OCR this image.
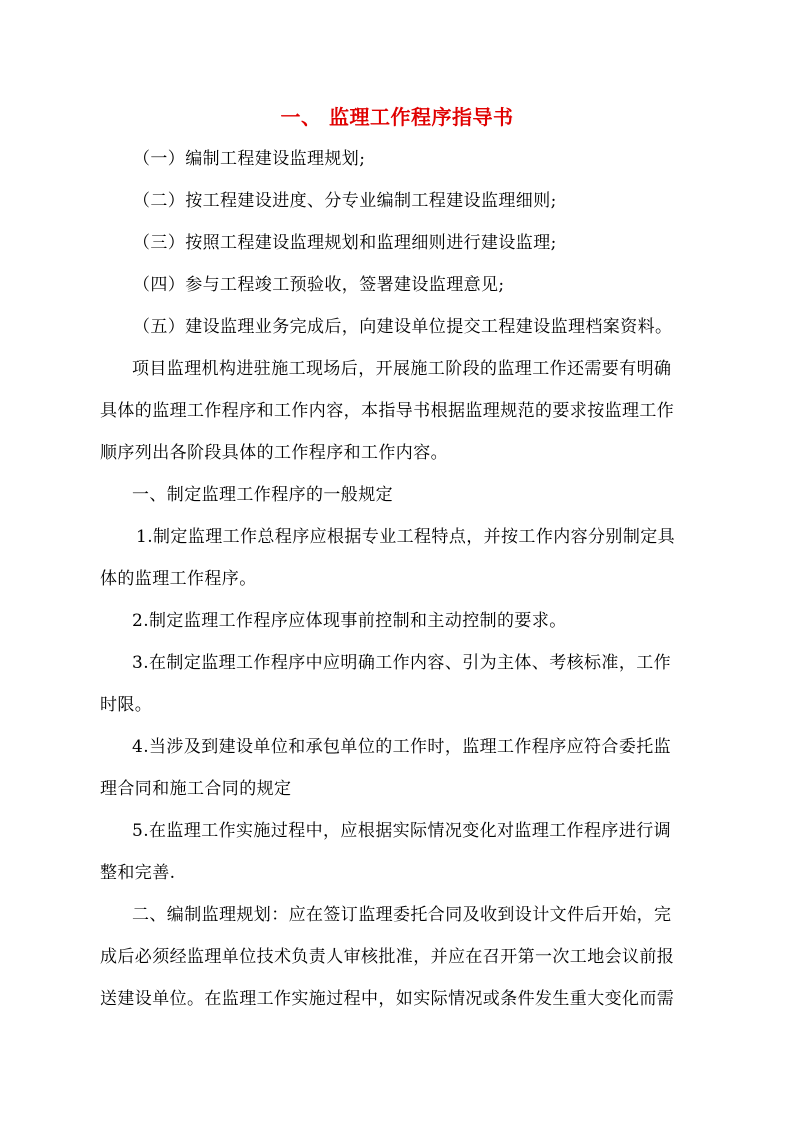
一、 监理工作程序指导书
（一）编制工程建设监理规划;
（二）按工程建设进度、分专业编制工程建设监理细则;
（三）按照工程建设监理规划和监理细则进行建设监理;
（四）参与工程竣工预验收，签署建设监理意见;
（五）建设监理业务完成后，向建设单位提交工程建设监理档案资料。
项目监理机构进驻施工现场后，开展施工阶段的监理工作还需要有明确
具体的监理工作程序和工作内容，本指导书根据监理规范的要求按监理工作
顺序列出各阶段具体的工作程序和工作内容。
一、制定监理工作程序的一般规定
1.制定监理工作总程序应根据专业工程特点，并按工作内容分别制定具
体的监理工作程序。
2.制定监理工作程序应体现事前控制和主动控制的要求。
3.在制定监理工作程序中应明确工作内容、引为主体、考核标准，工作
时限。
4.当涉及到建设单位和承包单位的工作时，监理工作程序应符合委托监
理合同和施工合同的规定
5.在监理工作实施过程中，应根据实际情况变化对监理工作程序进行调
整和完善.
二、编制监理规划：应在签订监理委托合同及收到设计文件后开始，完
成后必须经监理单位技术负责人审核批准，并应在召开第一次工地会议前报
送建设单位。在监理工作实施过程中，如实际情况或条件发生重大变化而需
